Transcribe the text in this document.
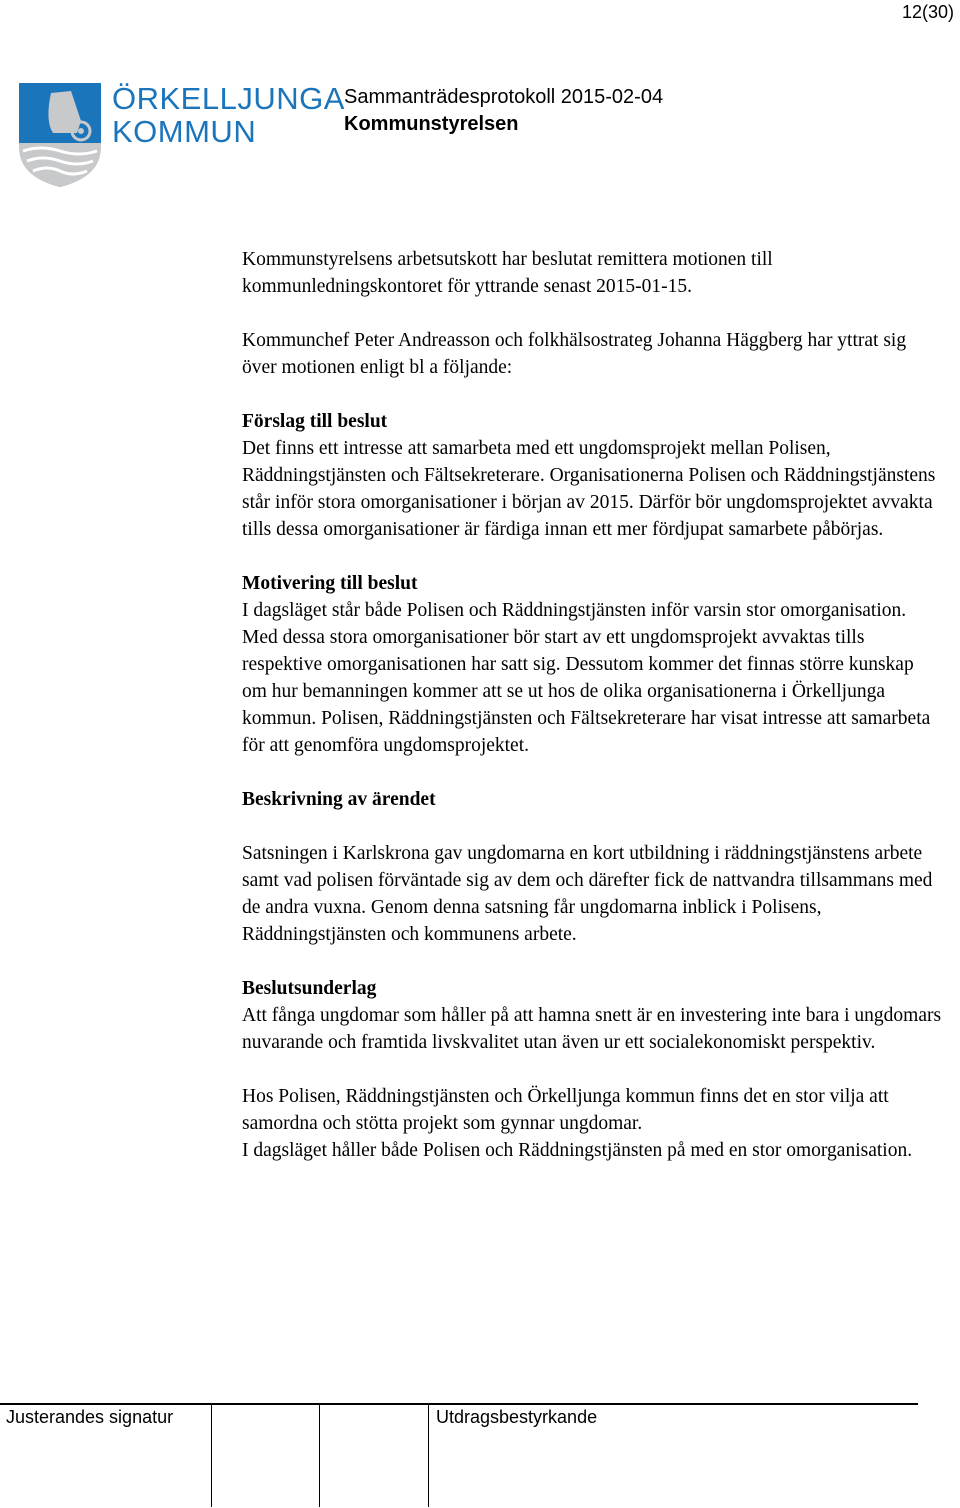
12(30)
ÖRKELLJUNGA
KOMMUN
Sammanträdesprotokoll 2015-02-04
Kommunstyrelsen

Kommunstyrelsens arbetsutskott har beslutat remittera motionen till kommunledningskontoret för yttrande senast 2015-01-15.

Kommunchef Peter Andreasson och folkhälsostrateg Johanna Häggberg har yttrat sig över motionen enligt bl a följande:

Förslag till beslut

Det finns ett intresse att samarbeta med ett ungdomsprojekt mellan Polisen, Räddningstjänsten och Fältsekreterare. Organisationerna Polisen och Räddningstjänstens står inför stora omorganisationer i början av 2015. Därför bör ungdomsprojektet avvakta tills dessa omorganisationer är färdiga innan ett mer fördjupat samarbete påbörjas.

Motivering till beslut

I dagsläget står både Polisen och Räddningstjänsten inför varsin stor omorganisation. Med dessa stora omorganisationer bör start av ett ungdomsprojekt avvaktas tills respektive omorganisationen har satt sig. Dessutom kommer det finnas större kunskap om hur bemanningen kommer att se ut hos de olika organisationerna i Örkelljunga kommun. Polisen, Räddningstjänsten och Fältsekreterare har visat intresse att samarbeta för att genomföra ungdomsprojektet.

Beskrivning av ärendet

Satsningen i Karlskrona gav ungdomarna en kort utbildning i räddningstjänstens arbete samt vad polisen förväntade sig av dem och därefter fick de nattvandra tillsammans med de andra vuxna. Genom denna satsning får ungdomarna inblick i Polisens, Räddningstjänsten och kommunens arbete.

Beslutsunderlag

Att fånga ungdomar som håller på att hamna snett är en investering inte bara i ungdomars nuvarande och framtida livskvalitet utan även ur ett socialekonomiskt perspektiv.

Hos Polisen, Räddningstjänsten och Örkelljunga kommun finns det en stor vilja att samordna och stötta projekt som gynnar ungdomar.

I dagsläget håller både Polisen och Räddningstjänsten på med en stor omorganisation.

Justerandes signatur	Utdragsbestyrkande
